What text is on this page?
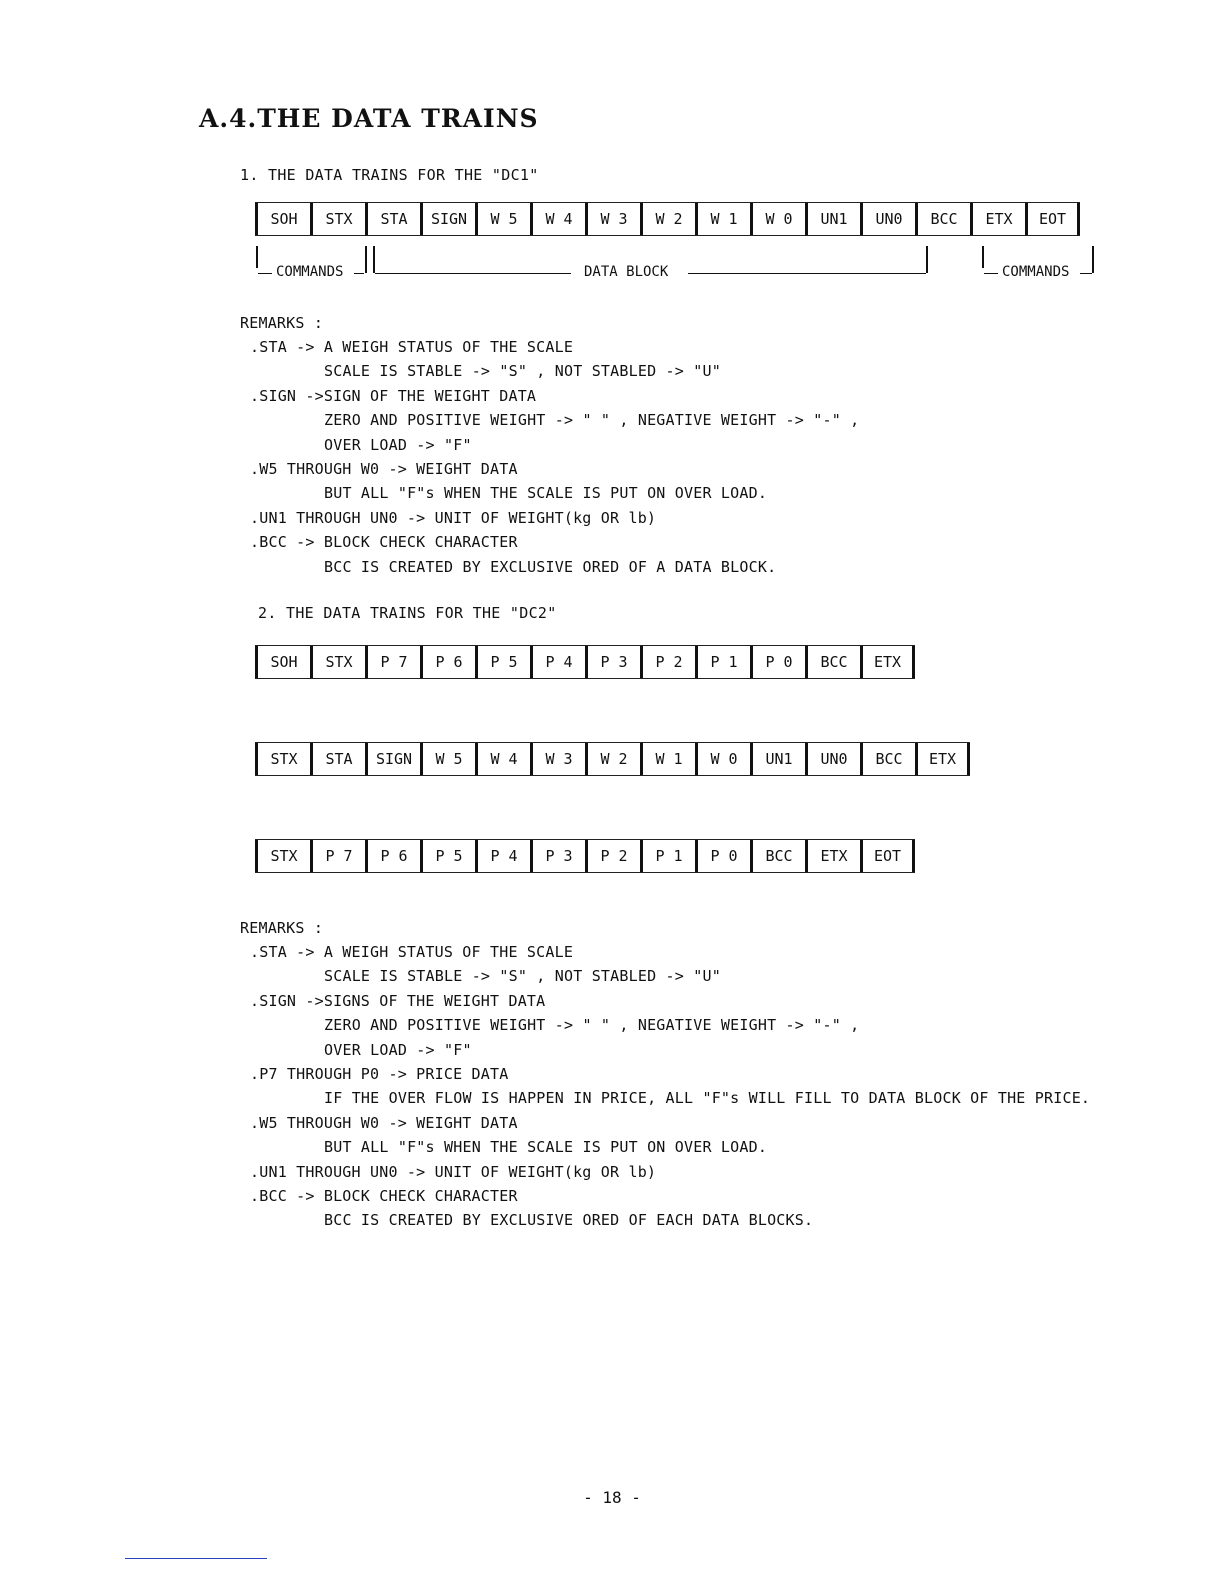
A.4.THE DATA TRAINS
1. THE DATA TRAINS FOR THE "DC1"
SOH STX STA SIGN W 5 W 4 W 3 W 2 W 1 W 0 UN1 UN0 BCC ETX EOT
COMMANDS	DATA BLOCK	COMMANDS
REMARKS :
.STA -> A WEIGH STATUS OF THE SCALE
SCALE IS STABLE -> "S" , NOT STABLED -> "U"
.SIGN ->SIGN OF THE WEIGHT DATA
ZERO AND POSITIVE WEIGHT -> " " , NEGATIVE WEIGHT -> "-" ,
OVER LOAD -> "F"
.W5 THROUGH W0 -> WEIGHT DATA
BUT ALL "F"s WHEN THE SCALE IS PUT ON OVER LOAD.
.UN1 THROUGH UN0 -> UNIT OF WEIGHT(kg OR lb)
.BCC -> BLOCK CHECK CHARACTER
BCC IS CREATED BY EXCLUSIVE ORED OF A DATA BLOCK.
2. THE DATA TRAINS FOR THE "DC2"
SOH STX P 7 P 6 P 5 P 4 P 3 P 2 P 1 P 0 BCC ETX
STX STA SIGN W 5 W 4 W 3 W 2 W 1 W 0 UN1 UN0 BCC ETX
STX P 7 P 6 P 5 P 4 P 3 P 2 P 1 P 0 BCC ETX EOT
REMARKS :
.STA -> A WEIGH STATUS OF THE SCALE
SCALE IS STABLE -> "S" , NOT STABLED -> "U"
.SIGN ->SIGNS OF THE WEIGHT DATA
ZERO AND POSITIVE WEIGHT -> " " , NEGATIVE WEIGHT -> "-" ,
OVER LOAD -> "F"
.P7 THROUGH P0 -> PRICE DATA
IF THE OVER FLOW IS HAPPEN IN PRICE, ALL "F"s WILL FILL TO DATA BLOCK OF THE PRICE.
.W5 THROUGH W0 -> WEIGHT DATA
BUT ALL "F"s WHEN THE SCALE IS PUT ON OVER LOAD.
.UN1 THROUGH UN0 -> UNIT OF WEIGHT(kg OR lb)
.BCC -> BLOCK CHECK CHARACTER
BCC IS CREATED BY EXCLUSIVE ORED OF EACH DATA BLOCKS.
- 18 -
